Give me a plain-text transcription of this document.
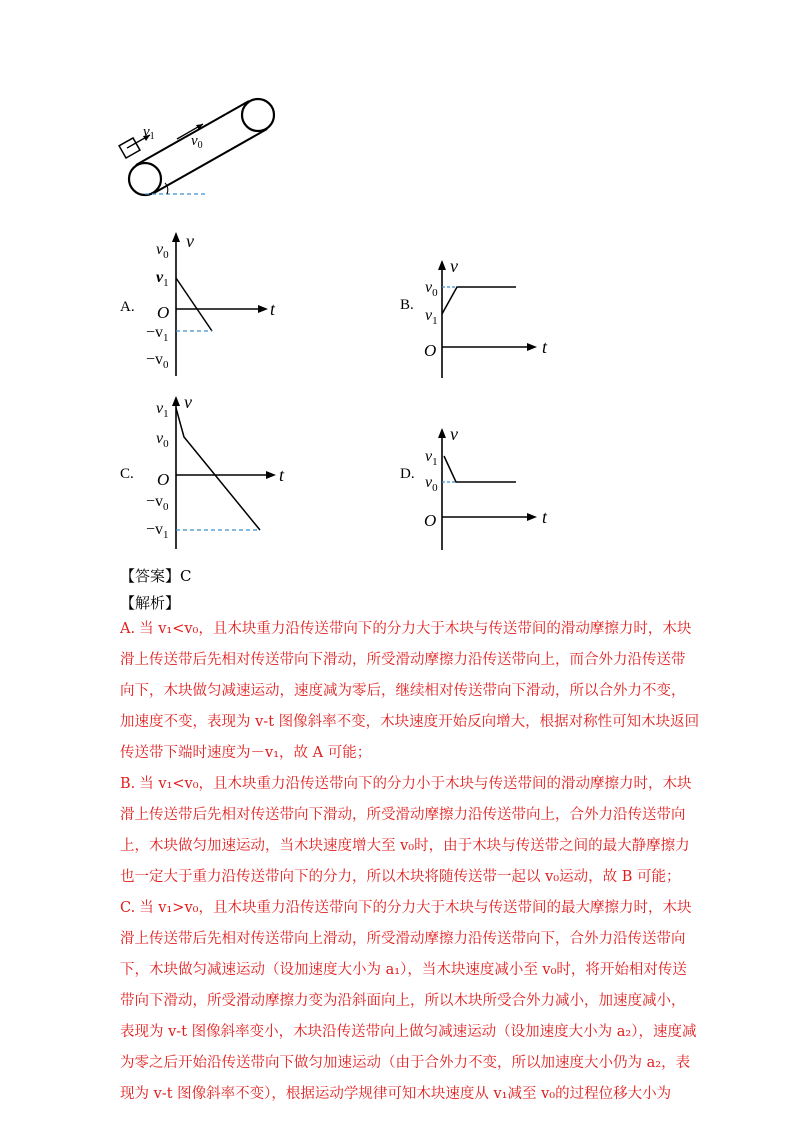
$v_1$ $v_0$
A.
v
t
O
$v_0$
$v_1$
$-v_1$
$-v_0$
B.
v
t
O
$v_0$
$v_1$
C.
v
t
O
$v_1$
$v_0$
$-v_0$
$-v_1$
D.
v
t
O
$v_1$
$v_0$
【答案】C
【解析】
A. 当 v₁<v₀，且木块重力沿传送带向下的分力大于木块与传送带间的滑动摩擦力时，木块
滑上传送带后先相对传送带向下滑动，所受滑动摩擦力沿传送带向上，而合外力沿传送带
向下，木块做匀减速运动，速度减为零后，继续相对传送带向下滑动，所以合外力不变，
加速度不变，表现为 v-t 图像斜率不变，木块速度开始反向增大，根据对称性可知木块返回
传送带下端时速度为－v₁，故 A 可能；
B. 当 v₁<v₀，且木块重力沿传送带向下的分力小于木块与传送带间的滑动摩擦力时，木块
滑上传送带后先相对传送带向下滑动，所受滑动摩擦力沿传送带向上，合外力沿传送带向
上，木块做匀加速运动，当木块速度增大至 v₀时，由于木块与传送带之间的最大静摩擦力
也一定大于重力沿传送带向下的分力，所以木块将随传送带一起以 v₀运动，故 B 可能；
C. 当 v₁>v₀，且木块重力沿传送带向下的分力大于木块与传送带间的最大摩擦力时，木块
滑上传送带后先相对传送带向上滑动，所受滑动摩擦力沿传送带向下，合外力沿传送带向
下，木块做匀减速运动（设加速度大小为 a₁），当木块速度减小至 v₀时，将开始相对传送
带向下滑动，所受滑动摩擦力变为沿斜面向上，所以木块所受合外力减小，加速度减小，
表现为 v-t 图像斜率变小，木块沿传送带向上做匀减速运动（设加速度大小为 a₂），速度减
为零之后开始沿传送带向下做匀加速运动（由于合外力不变，所以加速度大小仍为 a₂，表
现为 v-t 图像斜率不变），根据运动学规律可知木块速度从 v₁减至 v₀的过程位移大小为
